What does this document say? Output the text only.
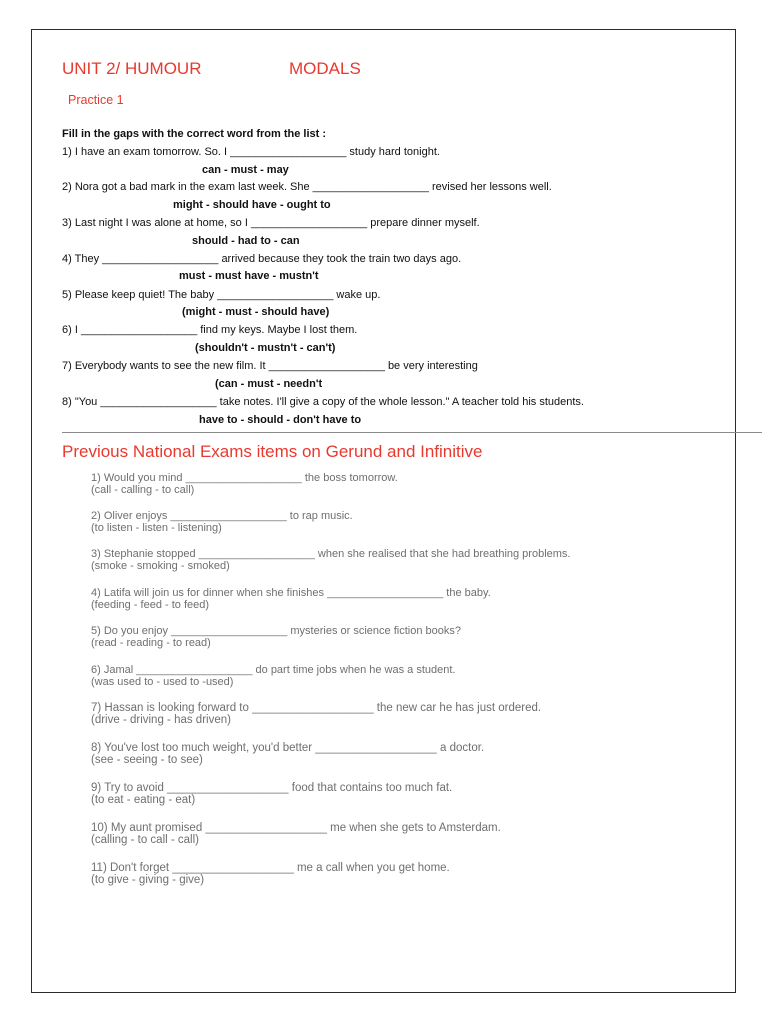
UNIT 2/ HUMOUR	MODALS
Practice 1
Fill in the gaps with the correct word from the list :
1) I have an exam tomorrow. So. I ___________________ study hard tonight.
can - must - may
2) Nora got a bad mark in the exam last week. She ___________________ revised her lessons well.
might - should have - ought to
3) Last night I was alone at home, so I ___________________ prepare dinner myself.
should - had to - can
4) They ___________________ arrived because they took the train two days ago.
must - must have - mustn't
5) Please keep quiet! The baby ___________________ wake up.
(might - must - should have)
6) I ___________________ find my keys. Maybe I lost them.
(shouldn't - mustn't - can't)
7) Everybody wants to see the new film. It ___________________ be very interesting
(can - must - needn't
8) "You ___________________ take notes. I'll give a copy of the whole lesson." A teacher told his students.
have to - should - don't have to
Previous National Exams items on Gerund and Infinitive
1) Would you mind ___________________ the boss tomorrow.
(call - calling - to call)
2) Oliver enjoys ___________________ to rap music.
(to listen - listen - listening)
3) Stephanie stopped ___________________ when she realised that she had breathing problems.
(smoke - smoking - smoked)
4) Latifa will join us for dinner when she finishes ___________________ the baby.
(feeding - feed - to feed)
5) Do you enjoy ___________________ mysteries or science fiction books?
(read - reading - to read)
6) Jamal ___________________ do part time jobs when he was a student.
(was used to - used to -used)
7) Hassan is looking forward to ___________________ the new car he has just ordered.
(drive - driving - has driven)
8) You've lost too much weight, you'd better ___________________ a doctor.
(see - seeing - to see)
9) Try to avoid ___________________ food that contains too much fat.
(to eat - eating - eat)
10) My aunt promised ___________________ me when she gets to Amsterdam.
(calling - to call - call)
11) Don't forget ___________________ me a call when you get home.
(to give - giving - give)
